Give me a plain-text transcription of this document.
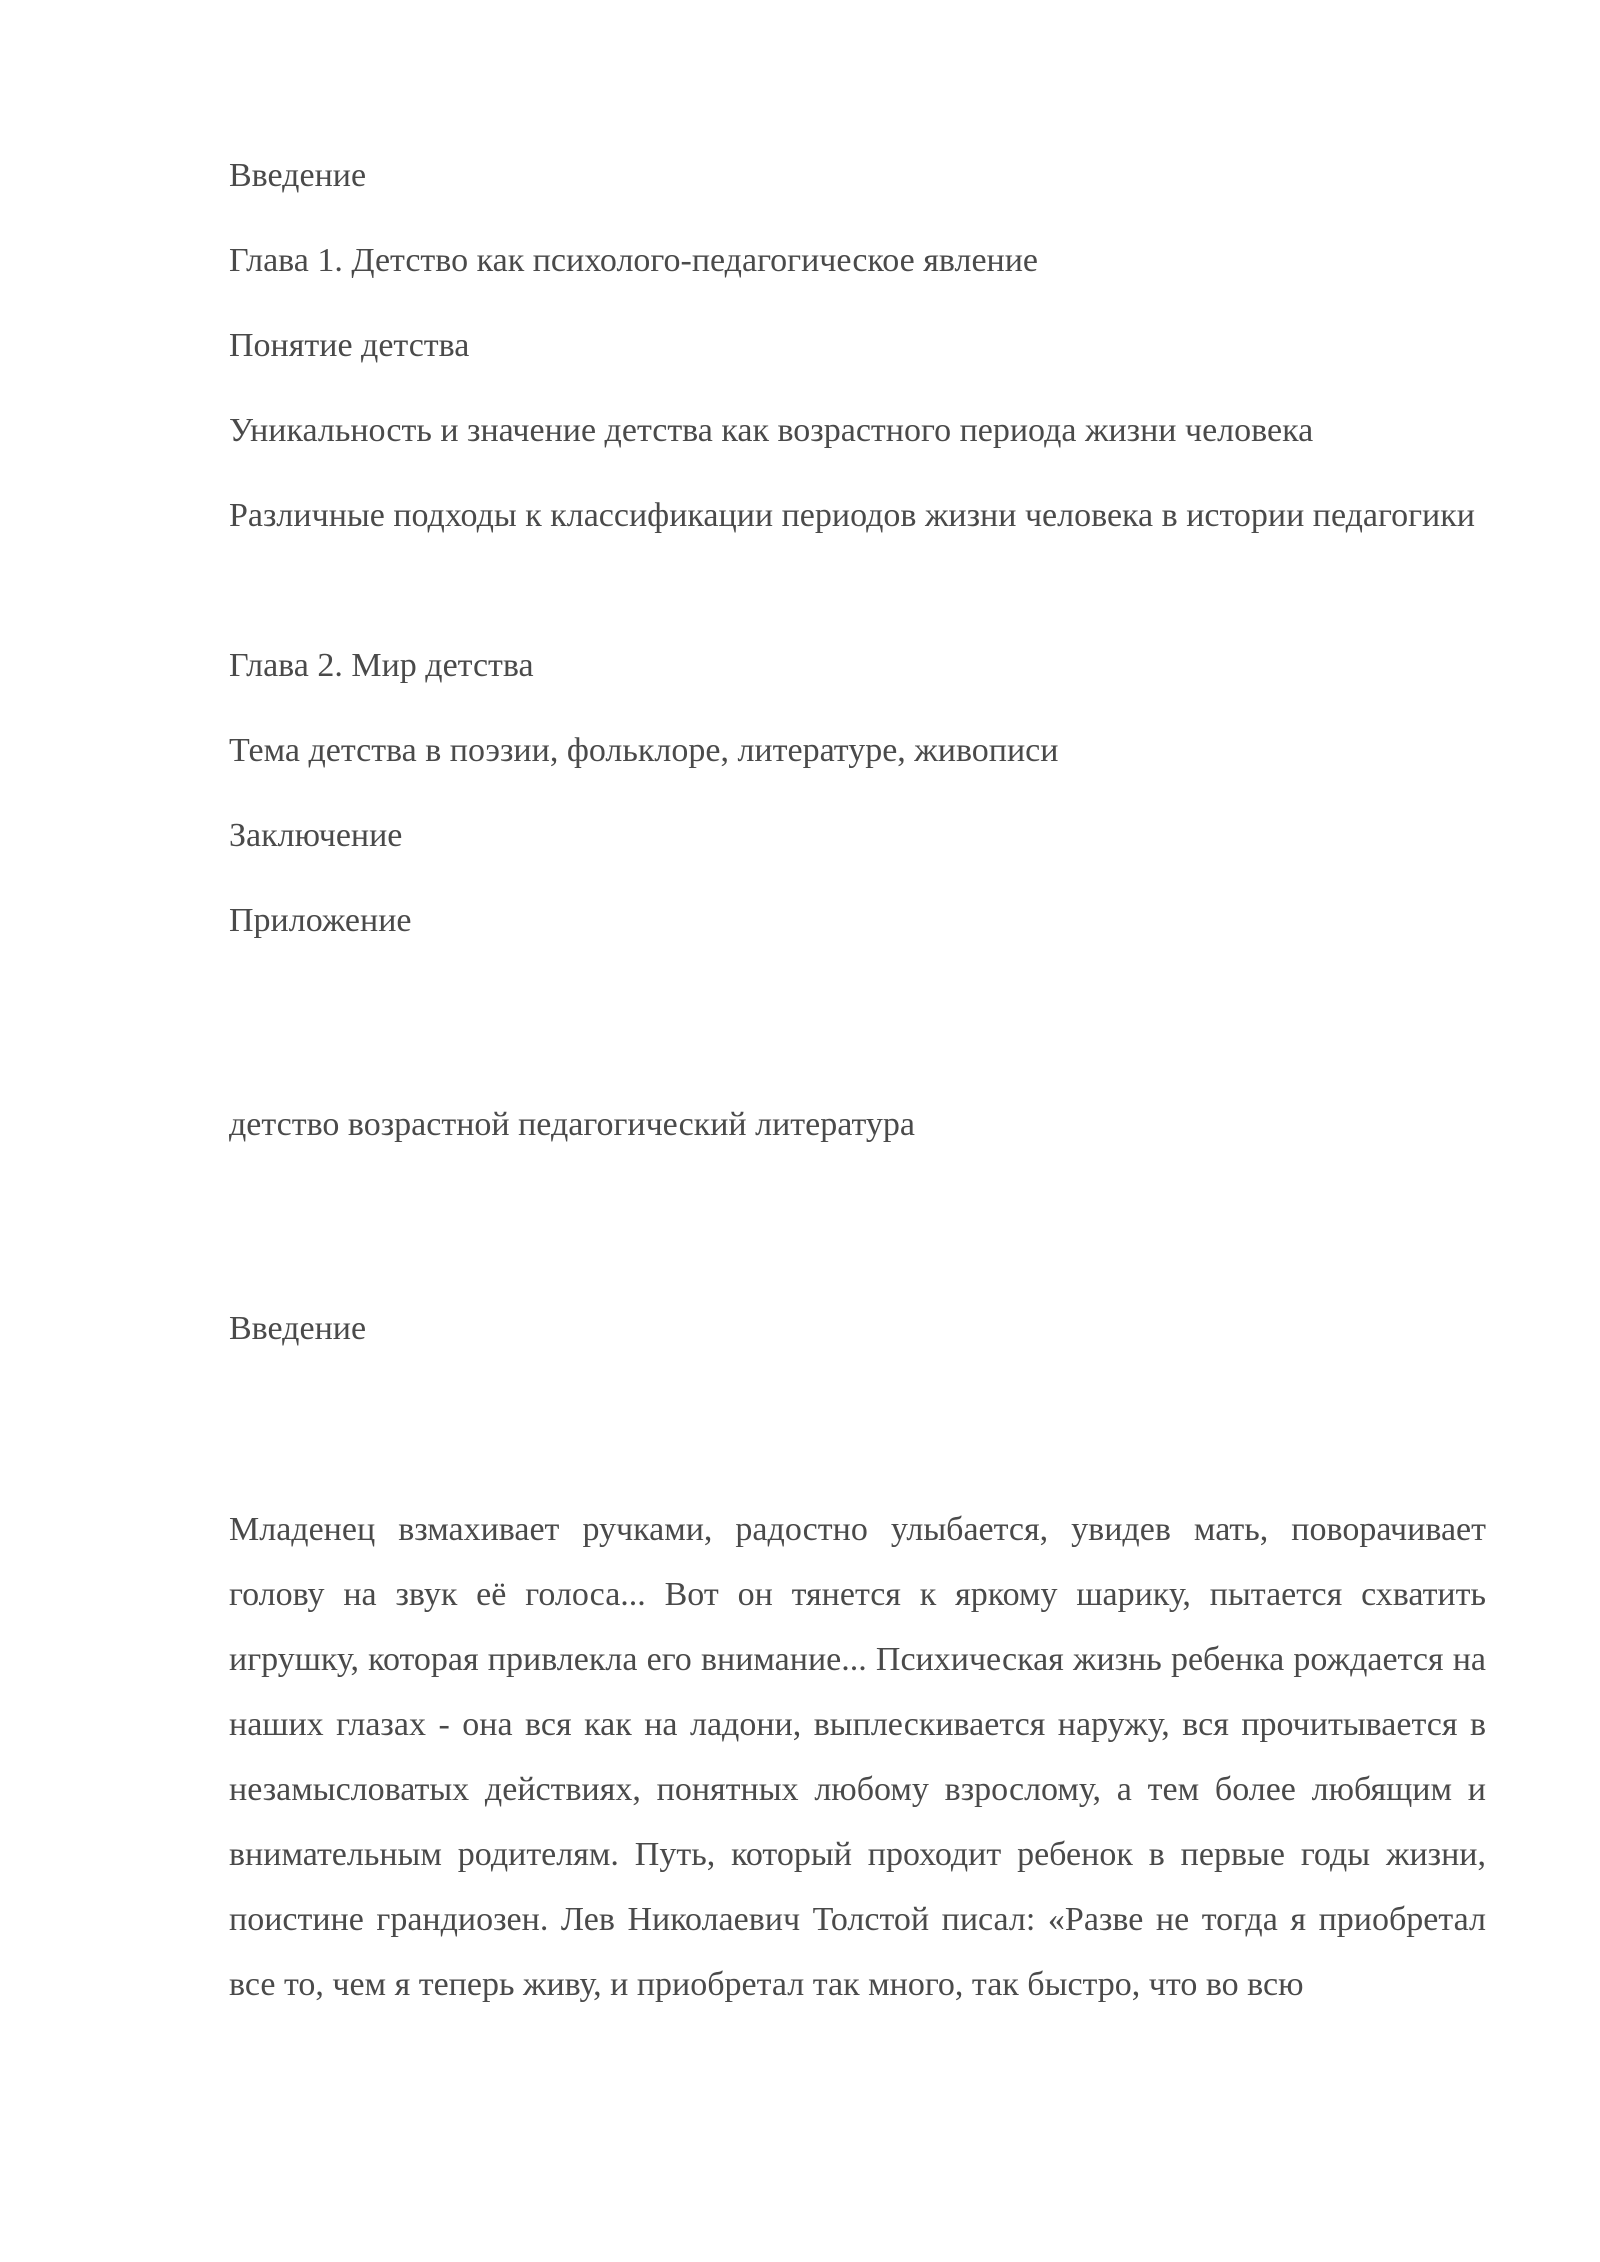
Введение

Глава 1. Детство как психолого-педагогическое явление

Понятие детства

Уникальность и значение детства как возрастного периода жизни человека

Различные подходы к классификации периодов жизни человека в истории педагогики

Глава 2. Мир детства

Тема детства в поэзии, фольклоре, литературе, живописи

Заключение

Приложение

детство возрастной педагогический литература

Введение

Младенец взмахивает ручками, радостно улыбается, увидев мать, поворачивает голову на звук её голоса... Вот он тянется к яркому шарику, пытается схватить игрушку, которая привлекла его внимание... Психическая жизнь ребенка рождается на наших глазах - она вся как на ладони, выплескивается наружу, вся прочитывается в незамысловатых действиях, понятных любому взрослому, а тем более любящим и внимательным родителям. Путь, который проходит ребенок в первые годы жизни, поистине грандиозен. Лев Николаевич Толстой писал: «Разве не тогда я приобретал все то, чем я теперь живу, и приобретал так много, так быстро, что во всю
